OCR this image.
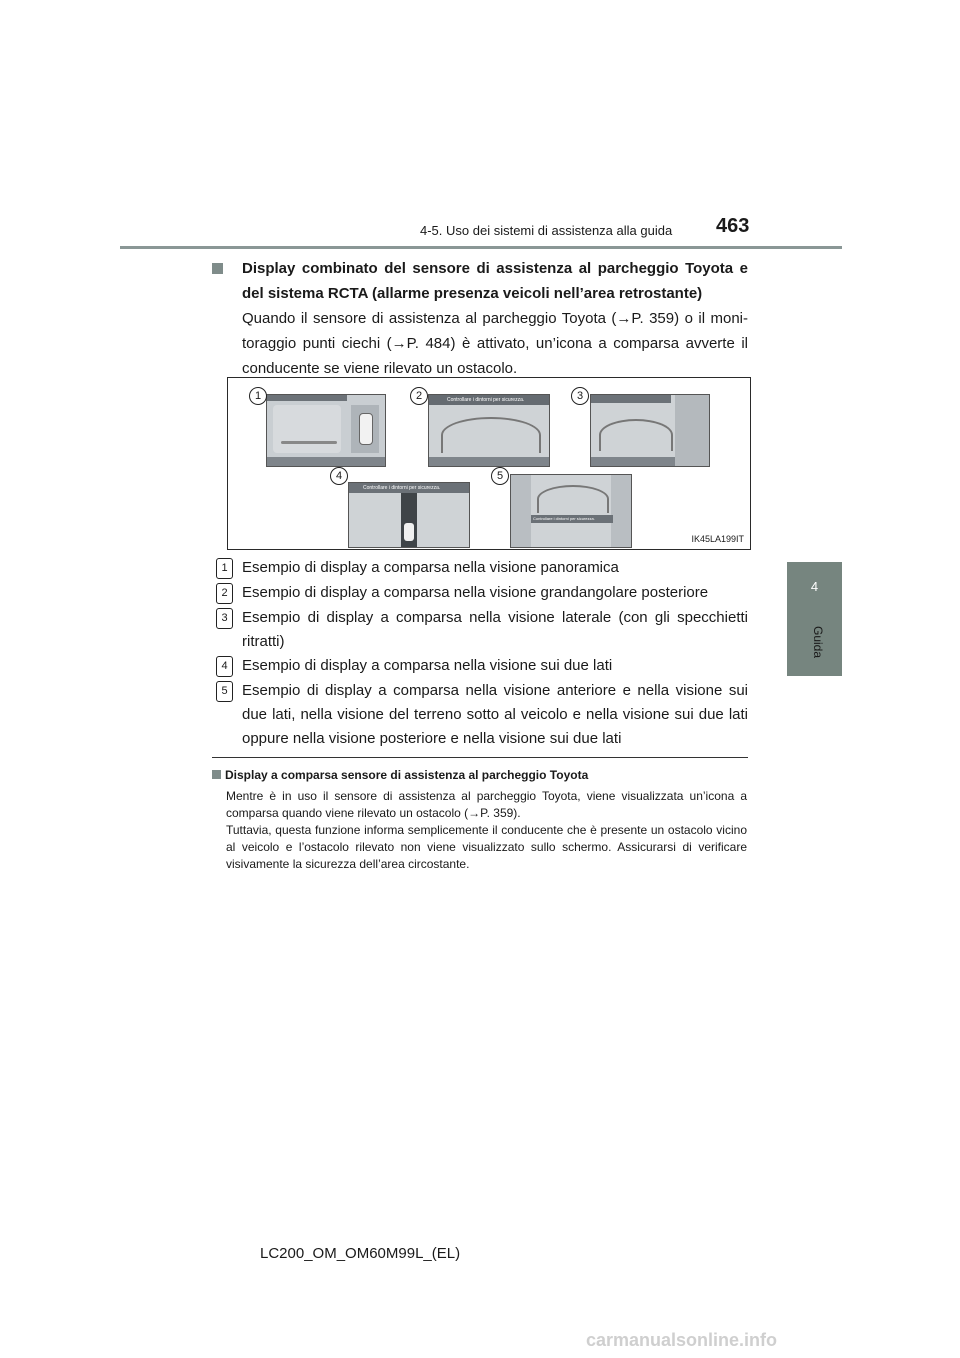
4-5. Uso dei sistemi di assistenza alla guida 463
4
Guida
Display combinato del sensore di assistenza al parcheggio Toyota e del sistema RCTA (allarme presenza veicoli nell’area retrostante)
Quando il sensore di assistenza al parcheggio Toyota (→P. 359) o il monitoraggio punti ciechi (→P. 484) è attivato, un’icona a comparsa avverte il conducente se viene rilevato un ostacolo.
Controllare i dintorni per sicurezza.
Controllare i dintorni per sicurezza.
Controllare i dintorni per sicurezza.
1	2	3
4	5
IK45LA199IT
1 Esempio di display a comparsa nella visione panoramica
2 Esempio di display a comparsa nella visione grandangolare posteriore
3 Esempio di display a comparsa nella visione laterale (con gli specchietti ritratti)
4 Esempio di display a comparsa nella visione sui due lati
5 Esempio di display a comparsa nella visione anteriore e nella visione sui due lati, nella visione del terreno sotto al veicolo e nella visione sui due lati oppure nella visione posteriore e nella visione sui due lati
Display a comparsa sensore di assistenza al parcheggio Toyota

Mentre è in uso il sensore di assistenza al parcheggio Toyota, viene visualizzata un’icona a comparsa quando viene rilevato un ostacolo (→P. 359).

Tuttavia, questa funzione informa semplicemente il conducente che è presente un ostacolo vicino al veicolo e l’ostacolo rilevato non viene visualizzato sullo schermo. Assicurarsi di verificare visivamente la sicurezza dell’area circostante.

LC200_OM_OM60M99L_(EL)
carmanualsonline.info
